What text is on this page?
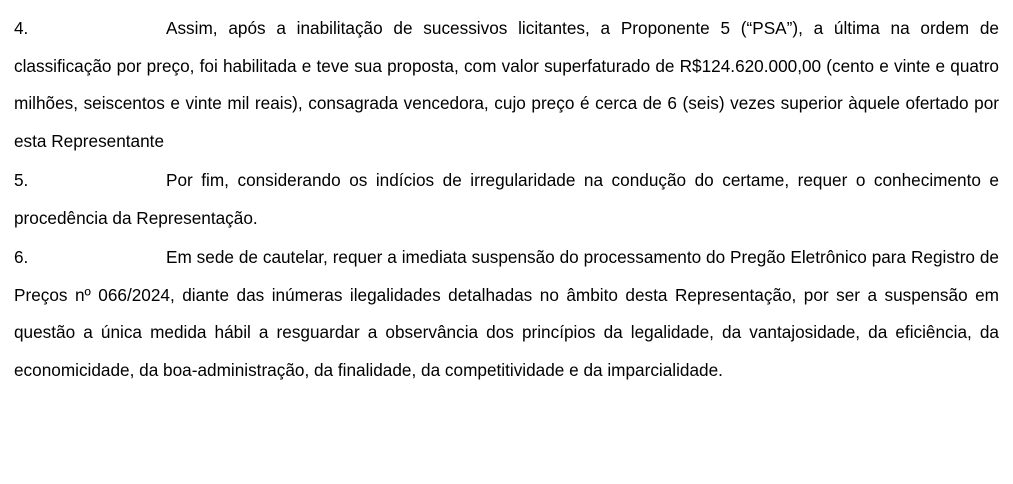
4.	Assim, após a inabilitação de sucessivos licitantes, a Proponente 5 (“PSA”), a última na ordem de classificação por preço, foi habilitada e teve sua proposta, com valor superfaturado de R$124.620.000,00 (cento e vinte e quatro milhões, seiscentos e vinte mil reais), consagrada vencedora, cujo preço é cerca de 6 (seis) vezes superior àquele ofertado por esta Representante

5.	Por fim, considerando os indícios de irregularidade na condução do certame, requer o conhecimento e procedência da Representação.

6.	Em sede de cautelar, requer a imediata suspensão do processamento do Pregão Eletrônico para Registro de Preços nº 066/2024, diante das inúmeras ilegalidades detalhadas no âmbito desta Representação, por ser a suspensão em questão a única medida hábil a resguardar a observância dos princípios da legalidade, da vantajosidade, da eficiência, da economicidade, da boa-administração, da finalidade, da competitividade e da imparcialidade.
